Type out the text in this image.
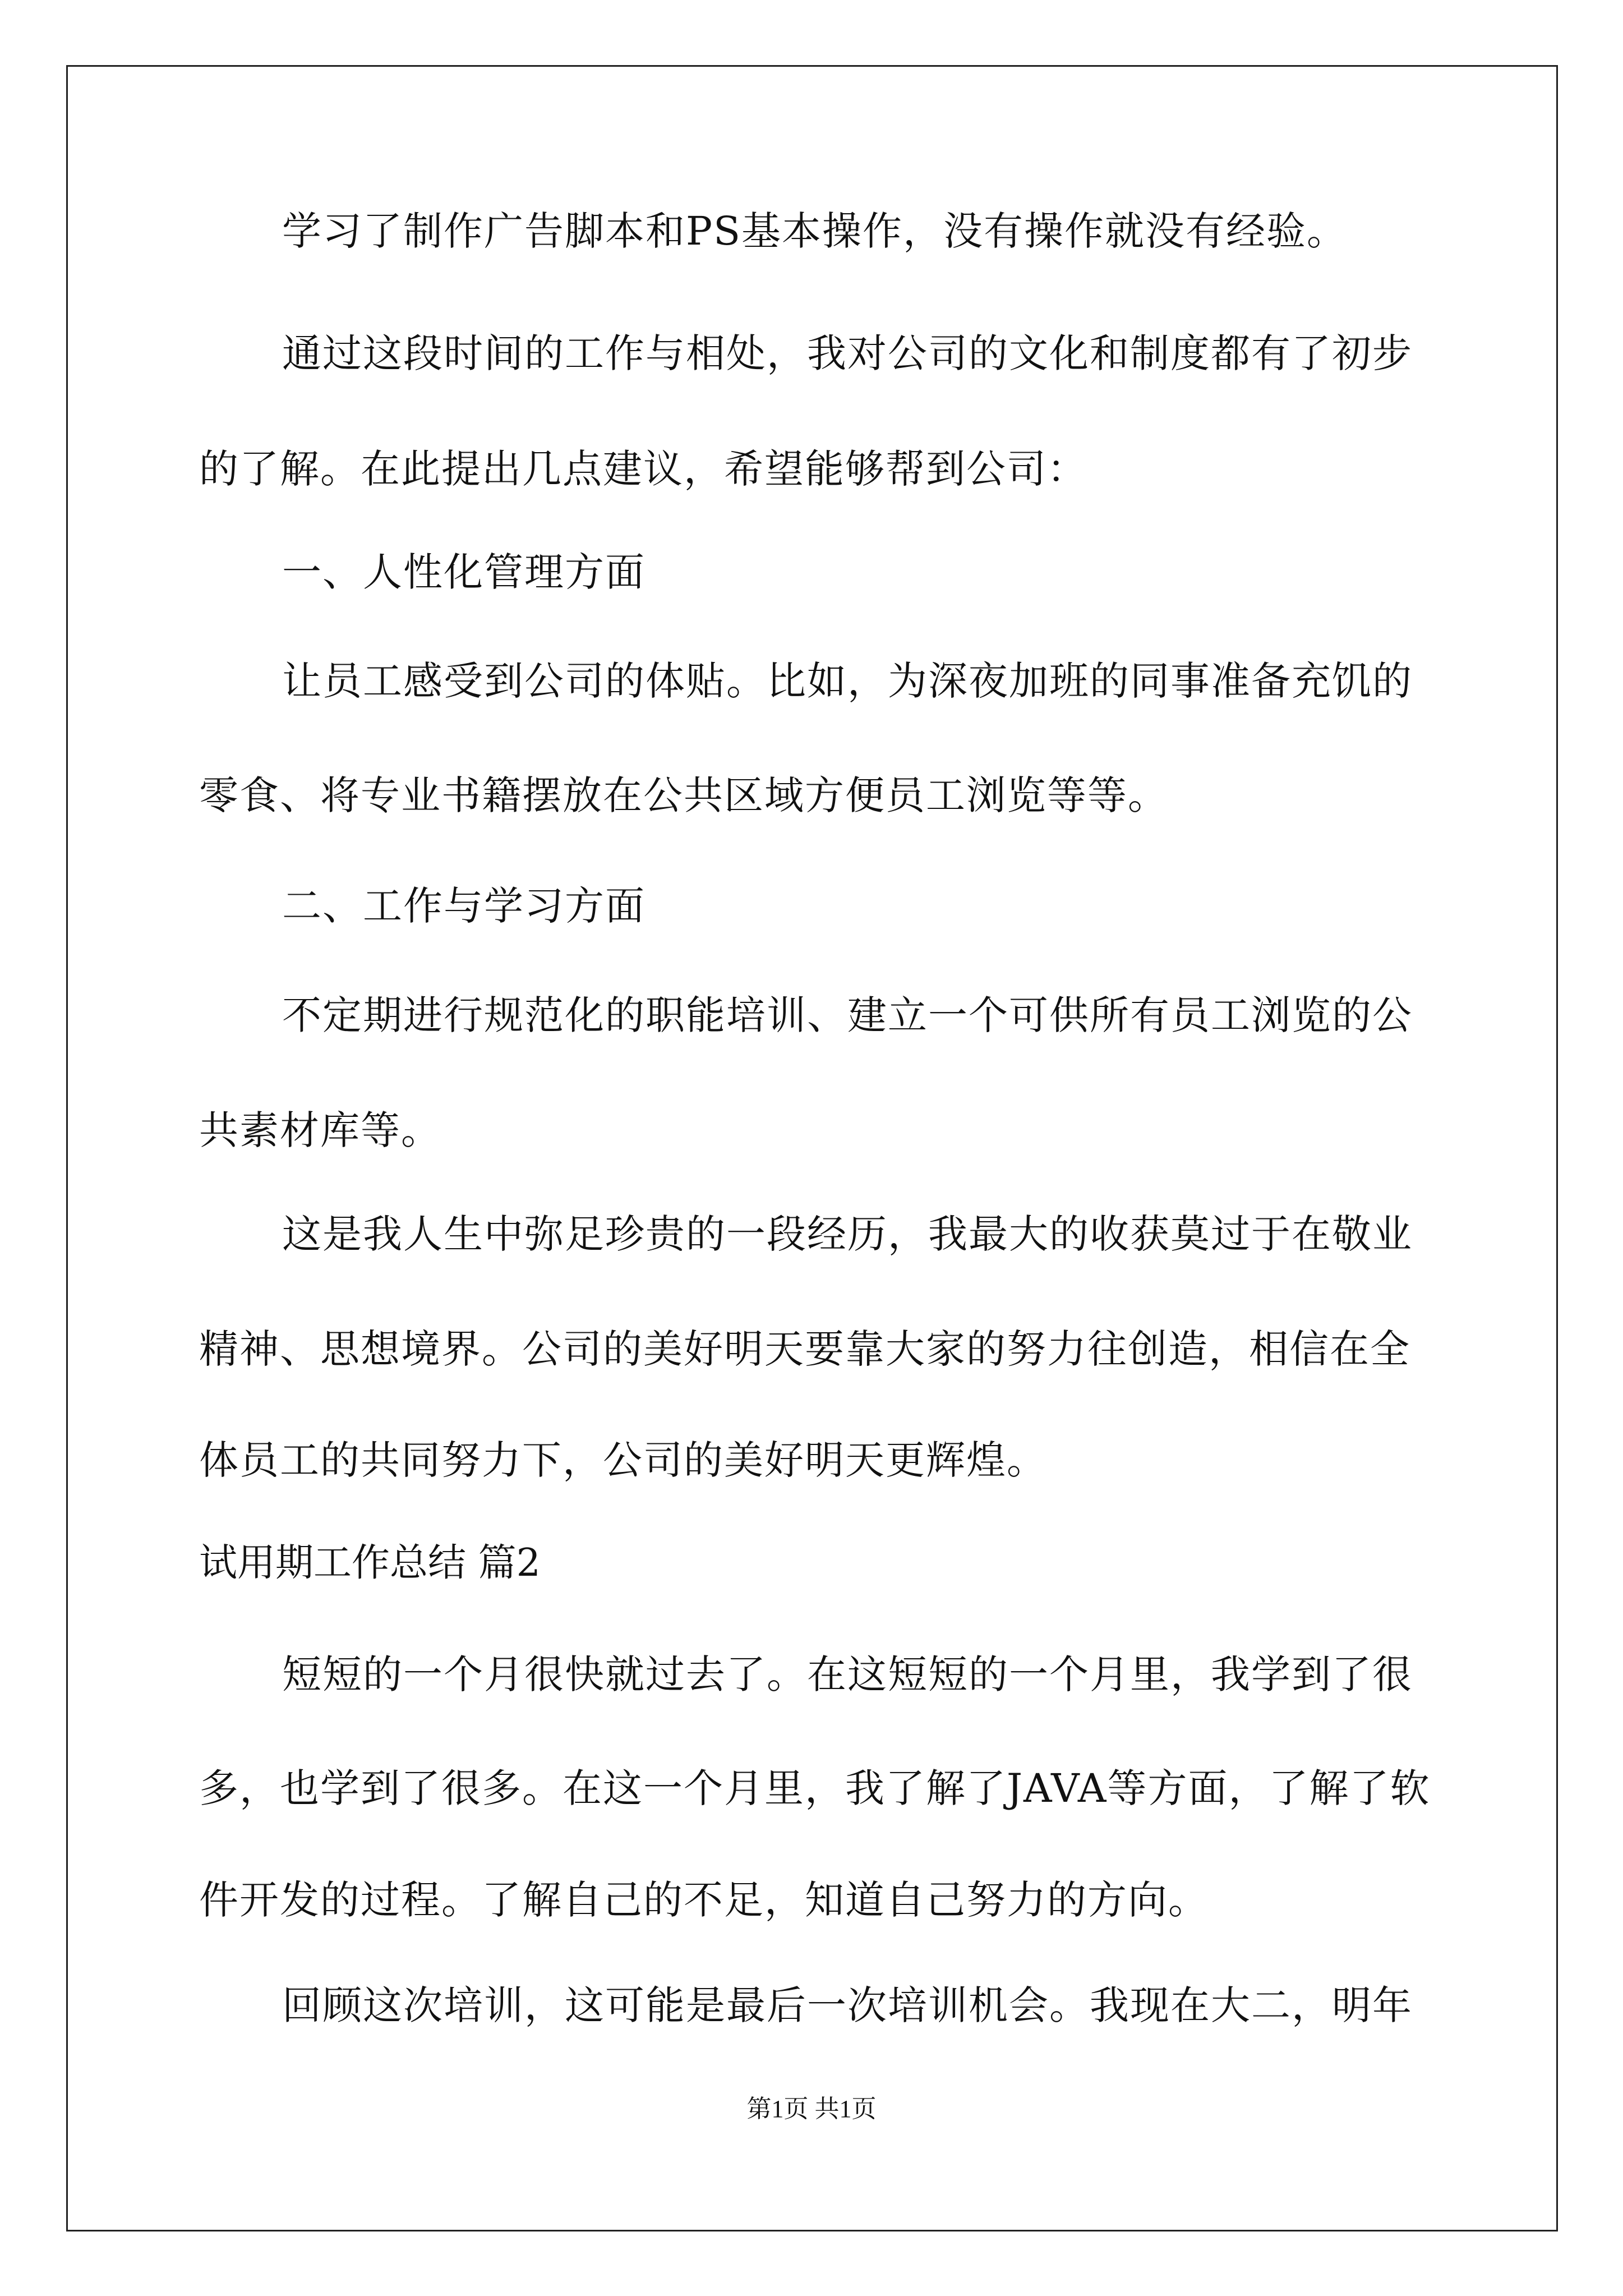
学习了制作广告脚本和PS基本操作，没有操作就没有经验。
通过这段时间的工作与相处，我对公司的文化和制度都有了初步
的了解。在此提出几点建议，希望能够帮到公司：
一、人性化管理方面
让员工感受到公司的体贴。比如，为深夜加班的同事准备充饥的
零食、将专业书籍摆放在公共区域方便员工浏览等等。
二、工作与学习方面
不定期进行规范化的职能培训、建立一个可供所有员工浏览的公
共素材库等。
这是我人生中弥足珍贵的一段经历，我最大的收获莫过于在敬业
精神、思想境界。公司的美好明天要靠大家的努力往创造，相信在全
体员工的共同努力下，公司的美好明天更辉煌。
试用期工作总结 篇2
短短的一个月很快就过去了。在这短短的一个月里，我学到了很
多，也学到了很多。在这一个月里，我了解了JAVA等方面，了解了软
件开发的过程。了解自己的不足，知道自己努力的方向。
回顾这次培训，这可能是最后一次培训机会。我现在大二，明年
第1页 共1页
